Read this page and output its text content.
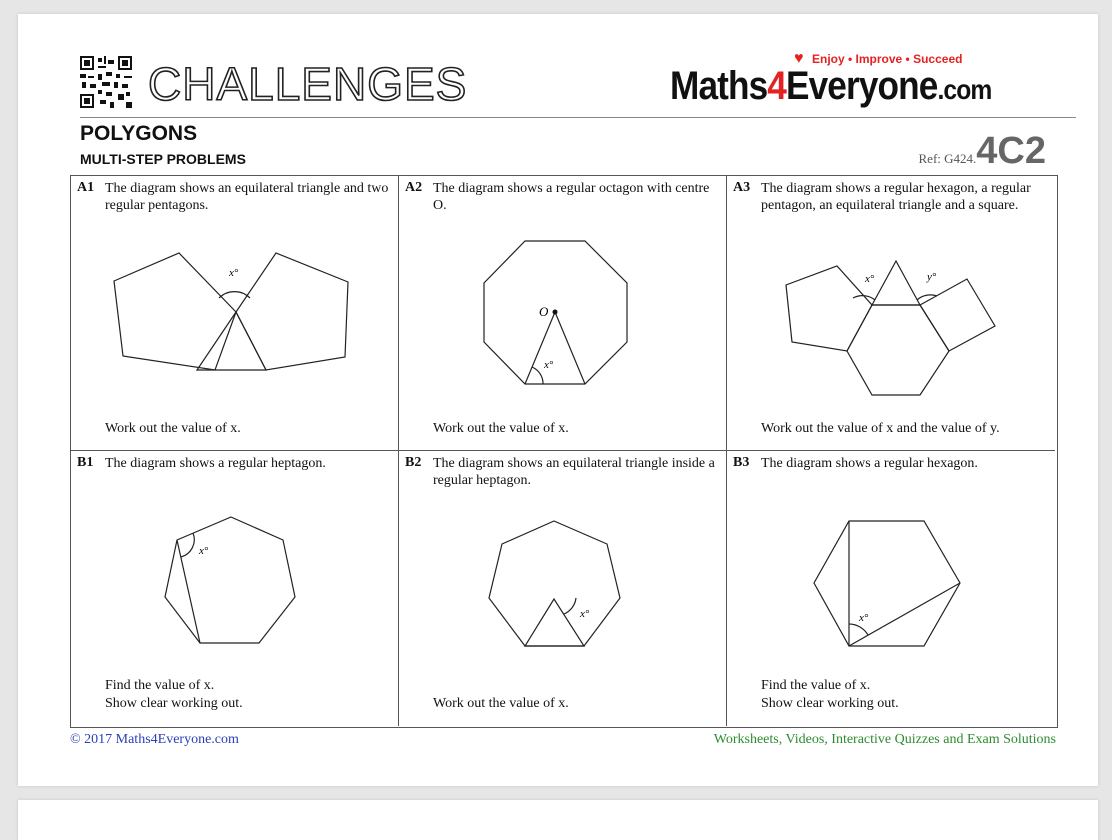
CHALLENGES	♥ Enjoy • Improve • Succeed
Maths4Everyone.com
POLYGONS
MULTI-STEP PROBLEMS	Ref: G424.4C2
A1 The diagram shows an equilateral triangle and two regular pentagons.
x°
Work out the value of x.
A2 The diagram shows a regular octagon with centre O.
O
x°
Work out the value of x.
A3 The diagram shows a regular hexagon, a regular pentagon, an equilateral triangle and a square.
x°	y°
Work out the value of x and the value of y.
B1 The diagram shows a regular heptagon.
x°
Find the value of x.
Show clear working out.
B2 The diagram shows an equilateral triangle inside a regular heptagon.
x°
Work out the value of x.
B3 The diagram shows a regular hexagon.
x°
Find the value of x.
Show clear working out.
© 2017 Maths4Everyone.com	Worksheets, Videos, Interactive Quizzes and Exam Solutions
